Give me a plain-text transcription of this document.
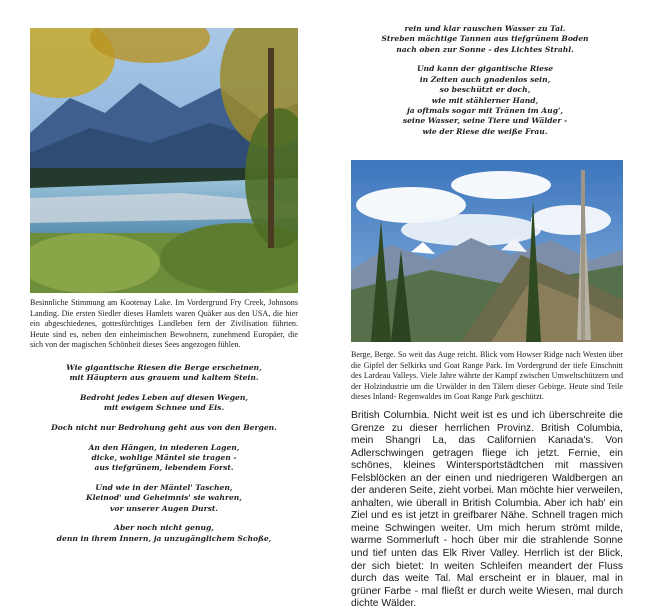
Besinnliche Stimmung am Kootenay Lake. Im Vordergrund Fry Creek, Johnsons Landing. Die ersten Siedler dieses Hamlets waren Quäker aus den USA, die hier ein abgeschiedenes, gottesfürchtiges Landleben fern der Zivilisation führten. Heute sind es, neben den einheimischen Bewohnern, zunehmend Europäer, die sich von der magischen Schönheit dieses Sees angezogen fühlen.

Wie gigantische Riesen die Berge erscheinen,
mit Häuptern aus grauem und kaltem Stein.
Bedroht jedes Leben auf diesen Wegen,
mit ewigem Schnee und Eis.
Doch nicht nur Bedrohung geht aus von den Bergen.
An den Hängen, in niederen Lagen,
dicke, wohlige Mäntel sie tragen -
aus tiefgrünem, lebendem Forst.
Und wie in der Mäntel' Taschen,
Kleinod' und Geheimnis' sie wahren,
vor unserer Augen Durst.
Aber noch nicht genug,
denn in ihrem Innern, ja unzugänglichem Schoße,
rein und klar rauschen Wasser zu Tal.
Streben mächtige Tannen aus tiefgrünem Boden
nach oben zur Sonne - des Lichtes Strahl.
Und kann der gigantische Riese
in Zeiten auch gnadenlos sein,
so beschützt er doch,
wie mit stählerner Hand,
ja oftmals sogar mit Tränen im Aug',
seine Wasser, seine Tiere und Wälder -
wie der Riese die weiße Frau.

Berge, Berge. So weit das Auge reicht. Blick vom Howser Ridge nach Westen über die Gipfel der Selkirks und Goat Range Park. Im Vordergrund der tiefe Einschnitt des Lardeau Valleys. Viele Jahre währte der Kampf zwischen Umweltschützern und der Holzindustrie um die Urwälder in den Tälern dieser Gebirge. Heute sind Teile dieses Inland- Regenwaldes im Goat Range Park geschützt.

British Columbia. Nicht weit ist es und ich überschreite die Grenze zu dieser herrlichen Provinz. British Columbia, mein Shangri La, das Californien Kanada's. Von Adlerschwingen getragen fliege ich jetzt. Fernie, ein schönes, kleines Wintersportstädtchen mit massiven Felsblöcken an der einen und niedrigeren Waldbergen an der anderen Seite, zieht vorbei. Man möchte hier verweilen, anhalten, wie überall in British Columbia. Aber ich hab' ein Ziel und es ist jetzt in greifbarer Nähe. Schnell tragen mich meine Schwingen weiter. Um mich herum strömt milde, warme Sommerluft - hoch über mir die strahlende Sonne und tief unten das Elk River Valley. Herrlich ist der Blick, der sich bietet: In weiten Schleifen meandert der Fluss durch das weite Tal. Mal erscheint er in blauer, mal in grüner Farbe - mal fließt er durch weite Wiesen, mal durch dichte Wälder.
